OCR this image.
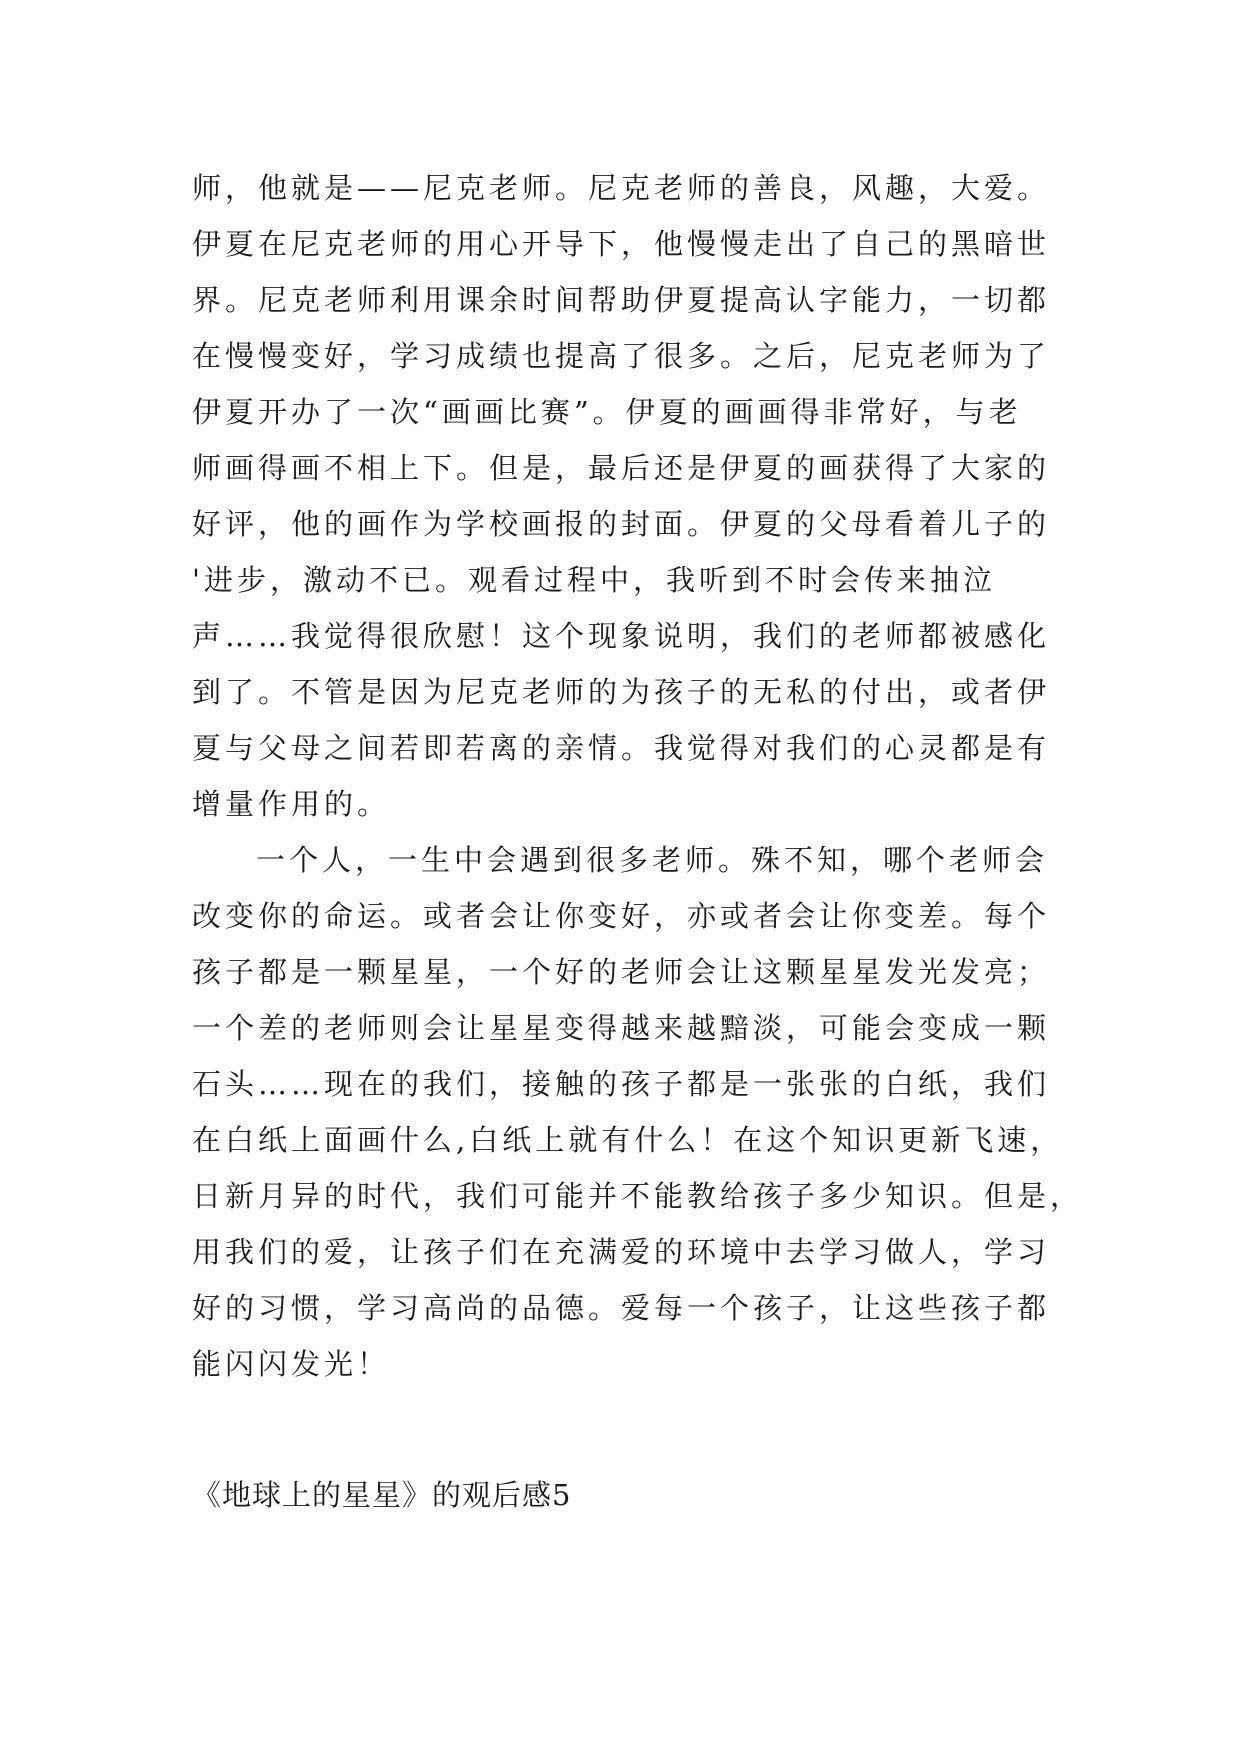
师，他就是——尼克老师。尼克老师的善良，风趣，大爱。
伊夏在尼克老师的用心开导下，他慢慢走出了自己的黑暗世
界。尼克老师利用课余时间帮助伊夏提高认字能力，一切都
在慢慢变好，学习成绩也提高了很多。之后，尼克老师为了
伊夏开办了一次“画画比赛”。伊夏的画画得非常好，与老
师画得画不相上下。但是，最后还是伊夏的画获得了大家的
好评，他的画作为学校画报的封面。伊夏的父母看着儿子的
'进步，激动不已。观看过程中，我听到不时会传来抽泣
声……我觉得很欣慰！这个现象说明，我们的老师都被感化
到了。不管是因为尼克老师的为孩子的无私的付出，或者伊
夏与父母之间若即若离的亲情。我觉得对我们的心灵都是有
增量作用的。
一个人，一生中会遇到很多老师。殊不知，哪个老师会
改变你的命运。或者会让你变好，亦或者会让你变差。每个
孩子都是一颗星星，一个好的老师会让这颗星星发光发亮；
一个差的老师则会让星星变得越来越黯淡，可能会变成一颗
石头……现在的我们，接触的孩子都是一张张的白纸，我们
在白纸上面画什么,白纸上就有什么！在这个知识更新飞速，
日新月异的时代，我们可能并不能教给孩子多少知识。但是，
用我们的爱，让孩子们在充满爱的环境中去学习做人，学习
好的习惯，学习高尚的品德。爱每一个孩子，让这些孩子都
能闪闪发光！
《地球上的星星》的观后感5
